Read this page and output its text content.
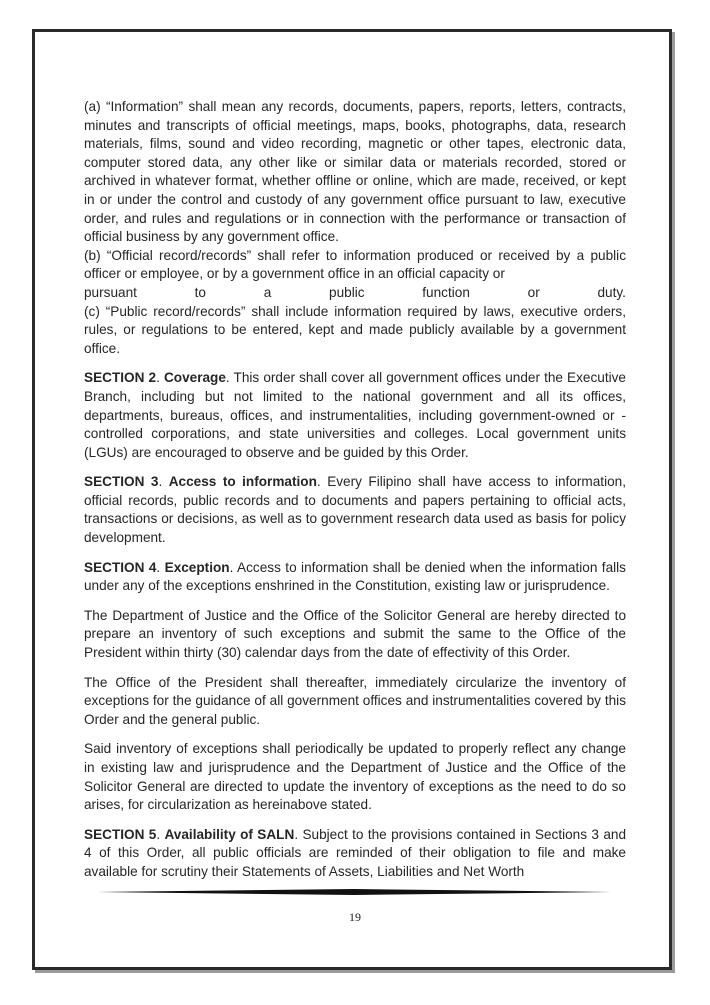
(a) “Information” shall mean any records, documents, papers, reports, letters, contracts, minutes and transcripts of official meetings, maps, books, photographs, data, research materials, films, sound and video recording, magnetic or other tapes, electronic data, computer stored data, any other like or similar data or materials recorded, stored or archived in whatever format, whether offline or online, which are made, received, or kept in or under the control and custody of any government office pursuant to law, executive order, and rules and regulations or in connection with the performance or transaction of official business by any government office.

(b) “Official record/records” shall refer to information produced or received by a public officer or employee, or by a government office in an official capacity or

pursuant	to	a	public	function	or	duty.

(c) “Public record/records” shall include information required by laws, executive orders, rules, or regulations to be entered, kept and made publicly available by a government office.

SECTION 2. Coverage. This order shall cover all government offices under the Executive Branch, including but not limited to the national government and all its offices, departments, bureaus, offices, and instrumentalities, including government-owned or -controlled corporations, and state universities and colleges. Local government units (LGUs) are encouraged to observe and be guided by this Order.

SECTION 3. Access to information. Every Filipino shall have access to information, official records, public records and to documents and papers pertaining to official acts, transactions or decisions, as well as to government research data used as basis for policy development.

SECTION 4. Exception. Access to information shall be denied when the information falls under any of the exceptions enshrined in the Constitution, existing law or jurisprudence.

The Department of Justice and the Office of the Solicitor General are hereby directed to prepare an inventory of such exceptions and submit the same to the Office of the President within thirty (30) calendar days from the date of effectivity of this Order.

The Office of the President shall thereafter, immediately circularize the inventory of exceptions for the guidance of all government offices and instrumentalities covered by this Order and the general public.

Said inventory of exceptions shall periodically be updated to properly reflect any change in existing law and jurisprudence and the Department of Justice and the Office of the Solicitor General are directed to update the inventory of exceptions as the need to do so arises, for circularization as hereinabove stated.

SECTION 5. Availability of SALN. Subject to the provisions contained in Sections 3 and 4 of this Order, all public officials are reminded of their obligation to file and make available for scrutiny their Statements of Assets, Liabilities and Net Worth

19
